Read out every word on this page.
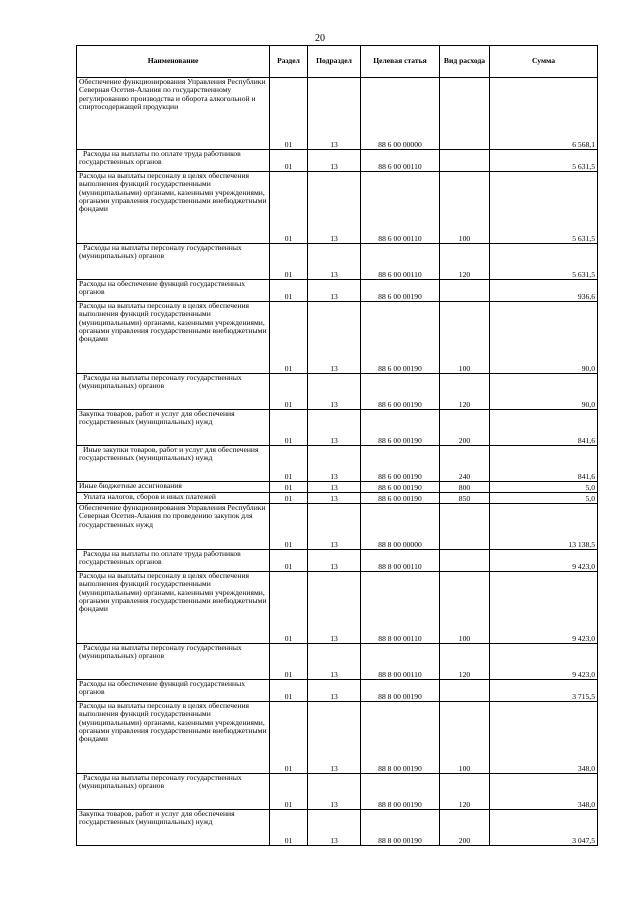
20
Наименование	Раздел	Подраздел	Целевая статья	Вид расхода	Сумма
Обеспечение функционирования Управления Республики Северная Осетия-Алания по государственному регулированию производства и оборота алкогольной и спиртосодержащей продукции	01	13	88 6 00 00000		6 568,1
Расходы на выплаты по оплате труда работников государственных органов	01	13	88 6 00 00110		5 631,5
Расходы на выплаты персоналу в целях обеспечения выполнения функций государственными (муниципальными) органами, казенными учреждениями, органами управления государственными внебюджетными фондами	01	13	88 6 00 00110	100	5 631,5
Расходы на выплаты персоналу государственных (муниципальных) органов	01	13	88 6 00 00110	120	5 631,5
Расходы на обеспечение функций государственных органов	01	13	88 6 00 00190		936,6
Расходы на выплаты персоналу в целях обеспечения выполнения функций государственными (муниципальными) органами, казенными учреждениями, органами управления государственными внебюджетными фондами	01	13	88 6 00 00190	100	90,0
Расходы на выплаты персоналу государственных (муниципальных) органов	01	13	88 6 00 00190	120	90,0
Закупка товаров, работ и услуг для обеспечения государственных (муниципальных) нужд	01	13	88 6 00 00190	200	841,6
Иные закупки товаров, работ и услуг для обеспечения государственных (муниципальных) нужд	01	13	88 6 00 00190	240	841,6
Иные бюджетные ассигнования	01	13	88 6 00 00190	800	5,0
Уплата налогов, сборов и иных платежей	01	13	88 6 00 00190	850	5,0
Обеспечение функционирования Управления Республики Северная Осетия-Алания по проведению закупок для государственных нужд	01	13	88 8 00 00000		13 138,5
Расходы на выплаты по оплате труда работников государственных органов	01	13	88 8 00 00110		9 423,0
Расходы на выплаты персоналу в целях обеспечения выполнения функций государственными (муниципальными) органами, казенными учреждениями, органами управления государственными внебюджетными фондами	01	13	88 8 00 00110	100	9 423,0
Расходы на выплаты персоналу государственных (муниципальных) органов	01	13	88 8 00 00110	120	9 423,0
Расходы на обеспечение функций государственных органов	01	13	88 8 00 00190		3 715,5
Расходы на выплаты персоналу в целях обеспечения выполнения функций государственными (муниципальными) органами, казенными учреждениями, органами управления государственными внебюджетными фондами	01	13	88 8 00 00190	100	348,0
Расходы на выплаты персоналу государственных (муниципальных) органов	01	13	88 8 00 00190	120	348,0
Закупка товаров, работ и услуг для обеспечения государственных (муниципальных) нужд	01	13	88 8 00 00190	200	3 047,5
